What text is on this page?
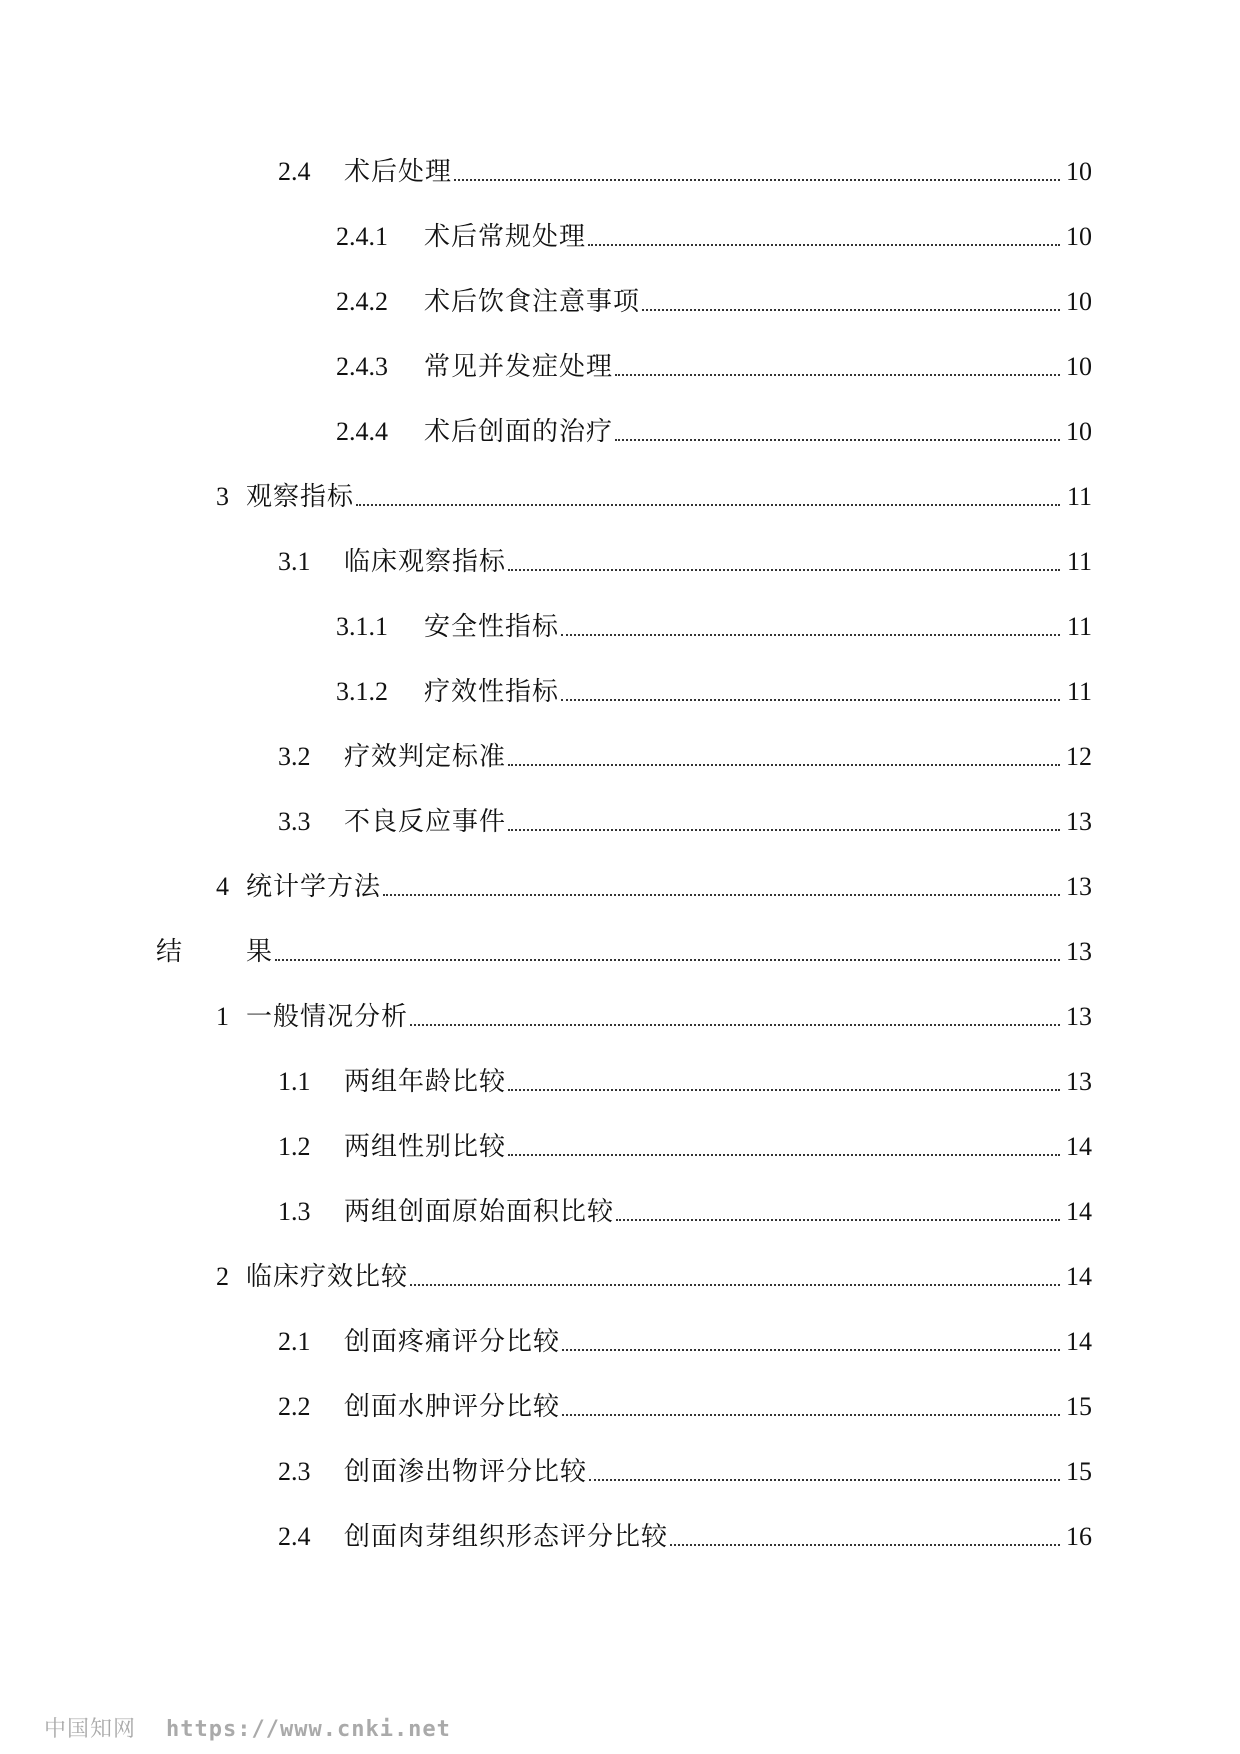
2.4	术后处理	10
2.4.1	术后常规处理	10
2.4.2	术后饮食注意事项	10
2.4.3	常见并发症处理	10
2.4.4	术后创面的治疗	10
3 观察指标	11
3.1	临床观察指标	11
3.1.1	安全性指标	11
3.1.2	疗效性指标	11
3.2	疗效判定标准	12
3.3	不良反应事件	13
4 统计学方法	13
结	果	13
1 一般情况分析	13
1.1	两组年龄比较	13
1.2	两组性别比较	14
1.3	两组创面原始面积比较	14
2 临床疗效比较	14
2.1	创面疼痛评分比较	14
2.2	创面水肿评分比较	15
2.3	创面渗出物评分比较	15
2.4	创面肉芽组织形态评分比较	16
中国知网 https://www.cnki.net
